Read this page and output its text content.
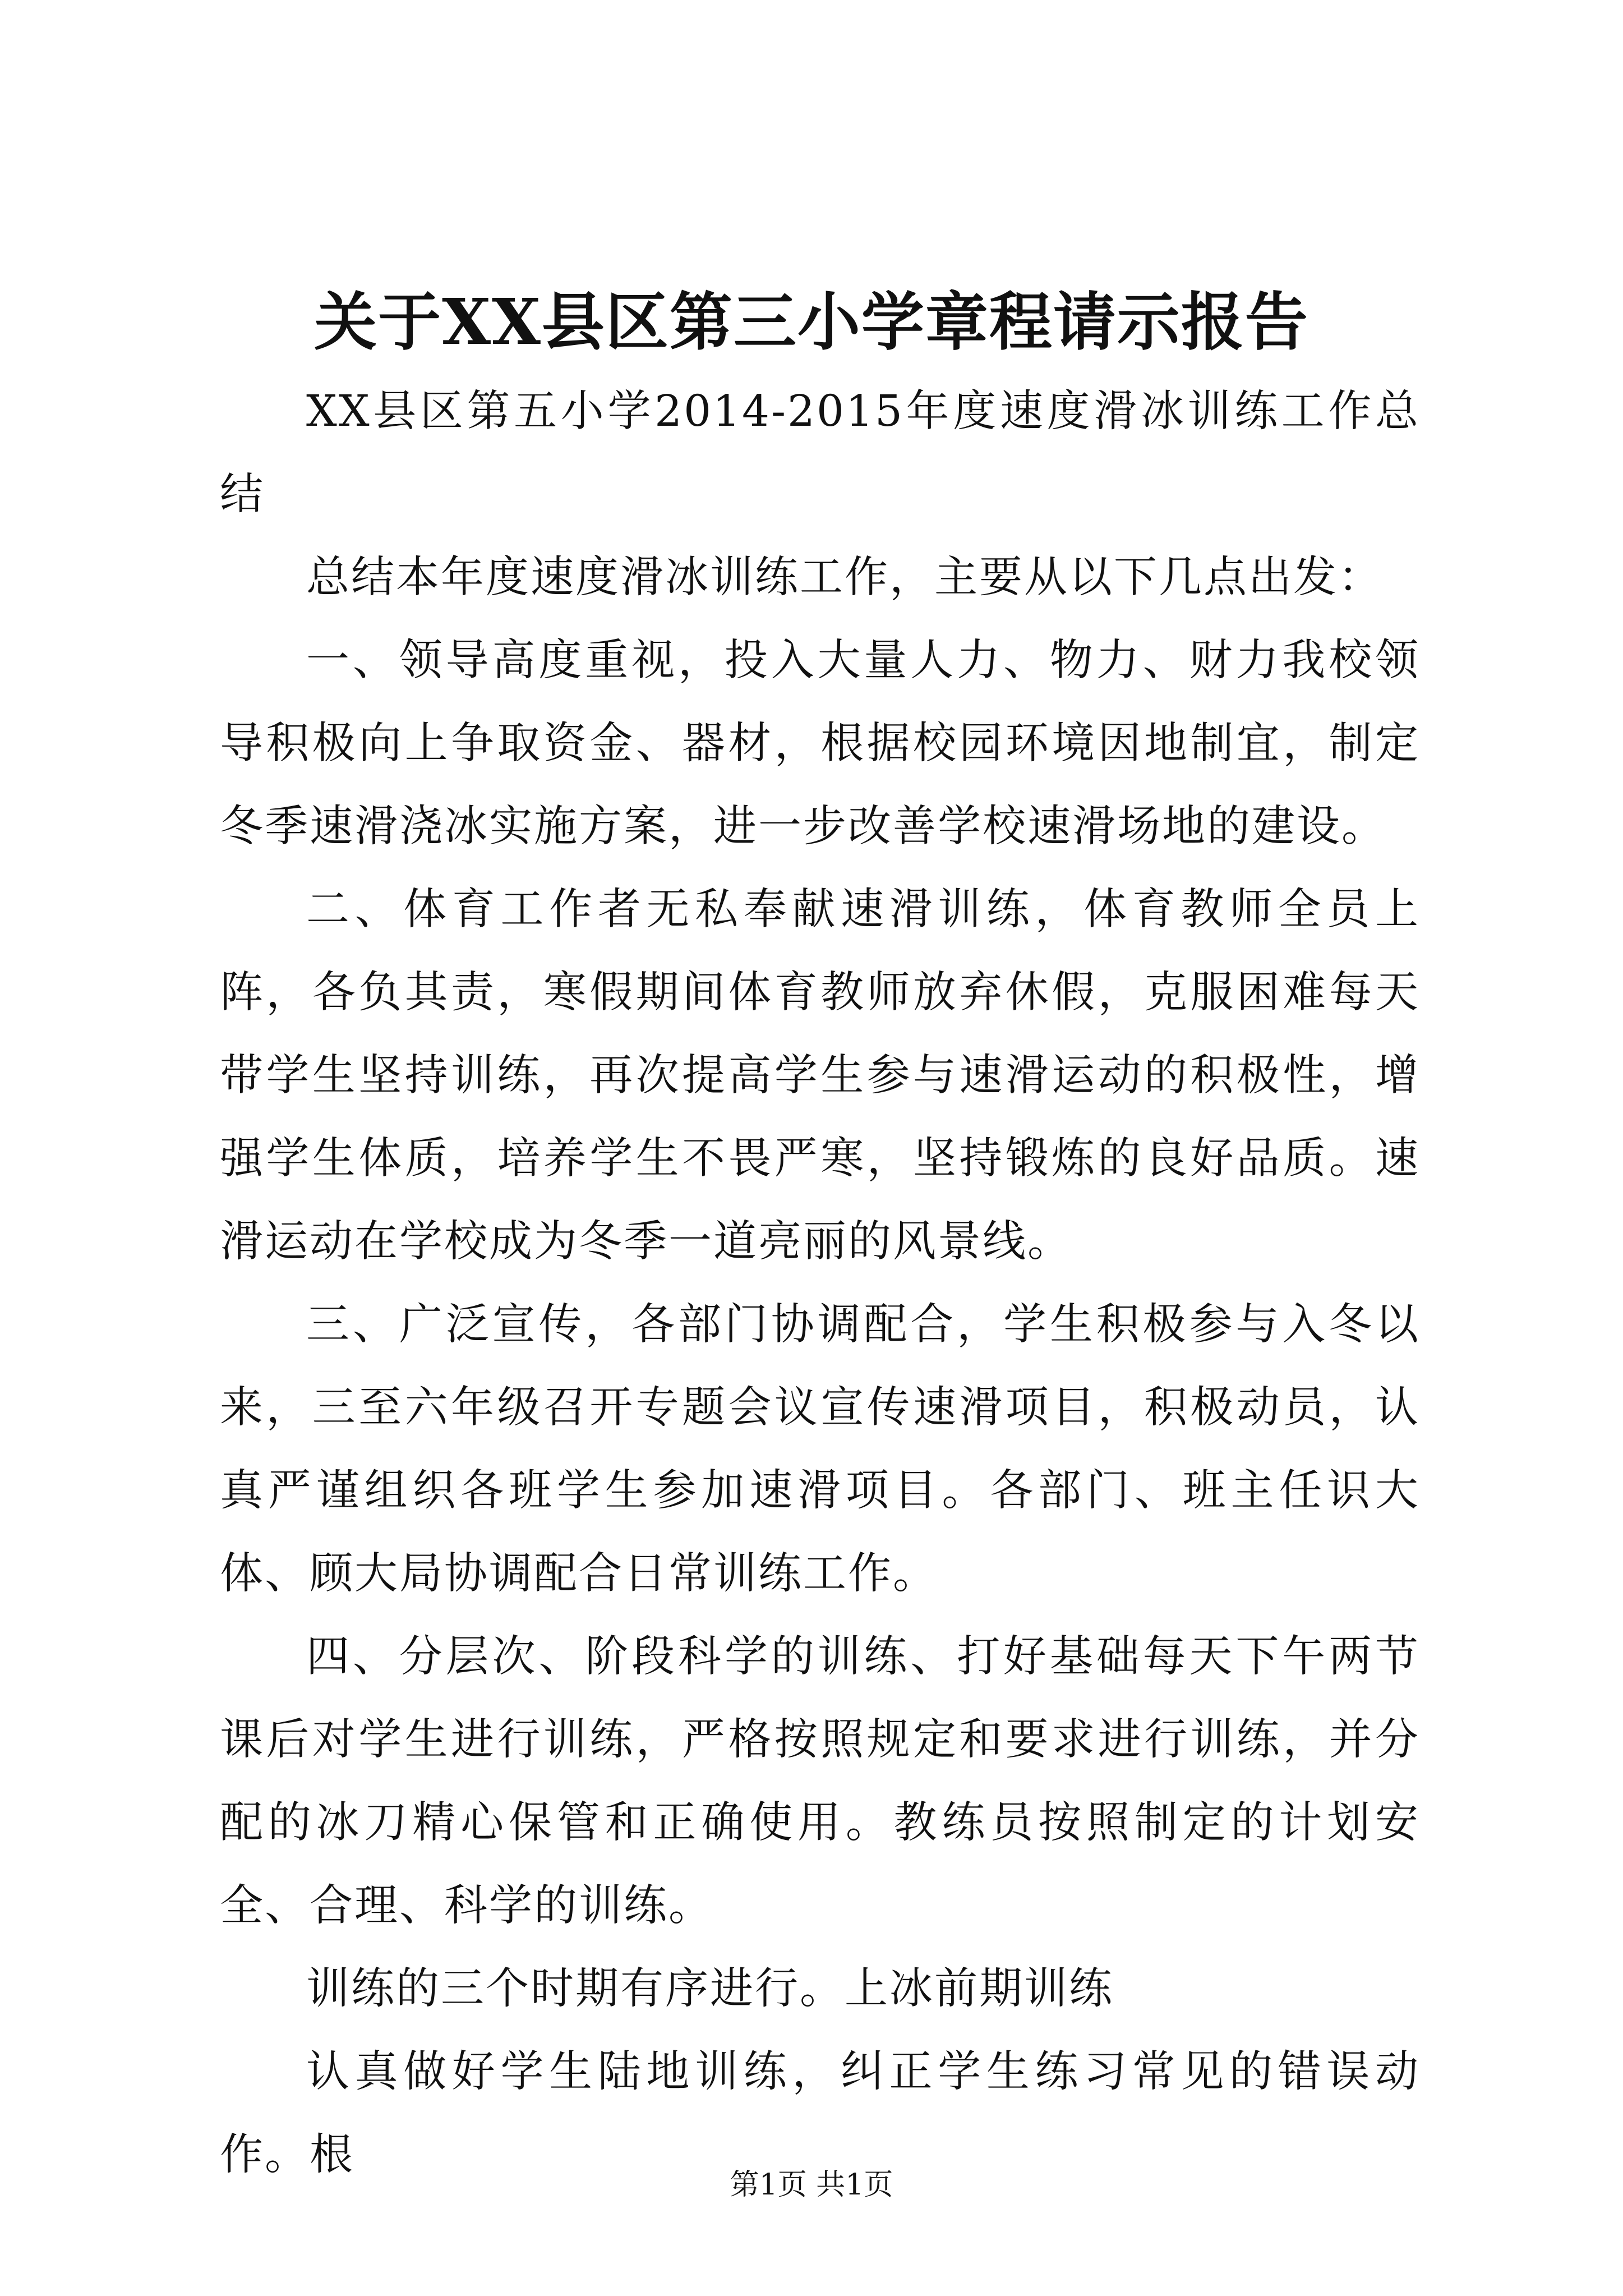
关于XX县区第三小学章程请示报告

XX县区第五小学2014-2015年度速度滑冰训练工作总结

总结本年度速度滑冰训练工作，主要从以下几点出发：

一、领导高度重视，投入大量人力、物力、财力我校领导积极向上争取资金、器材，根据校园环境因地制宜，制定冬季速滑浇冰实施方案，进一步改善学校速滑场地的建设。

二、体育工作者无私奉献速滑训练，体育教师全员上阵，各负其责，寒假期间体育教师放弃休假，克服困难每天带学生坚持训练，再次提高学生参与速滑运动的积极性，增强学生体质，培养学生不畏严寒，坚持锻炼的良好品质。速滑运动在学校成为冬季一道亮丽的风景线。

三、广泛宣传，各部门协调配合，学生积极参与入冬以来，三至六年级召开专题会议宣传速滑项目，积极动员，认真严谨组织各班学生参加速滑项目。各部门、班主任识大体、顾大局协调配合日常训练工作。

四、分层次、阶段科学的训练、打好基础每天下午两节课后对学生进行训练，严格按照规定和要求进行训练，并分配的冰刀精心保管和正确使用。教练员按照制定的计划安全、合理、科学的训练。

训练的三个时期有序进行。上冰前期训练

认真做好学生陆地训练，纠正学生练习常见的错误动作。根

第1页 共1页
